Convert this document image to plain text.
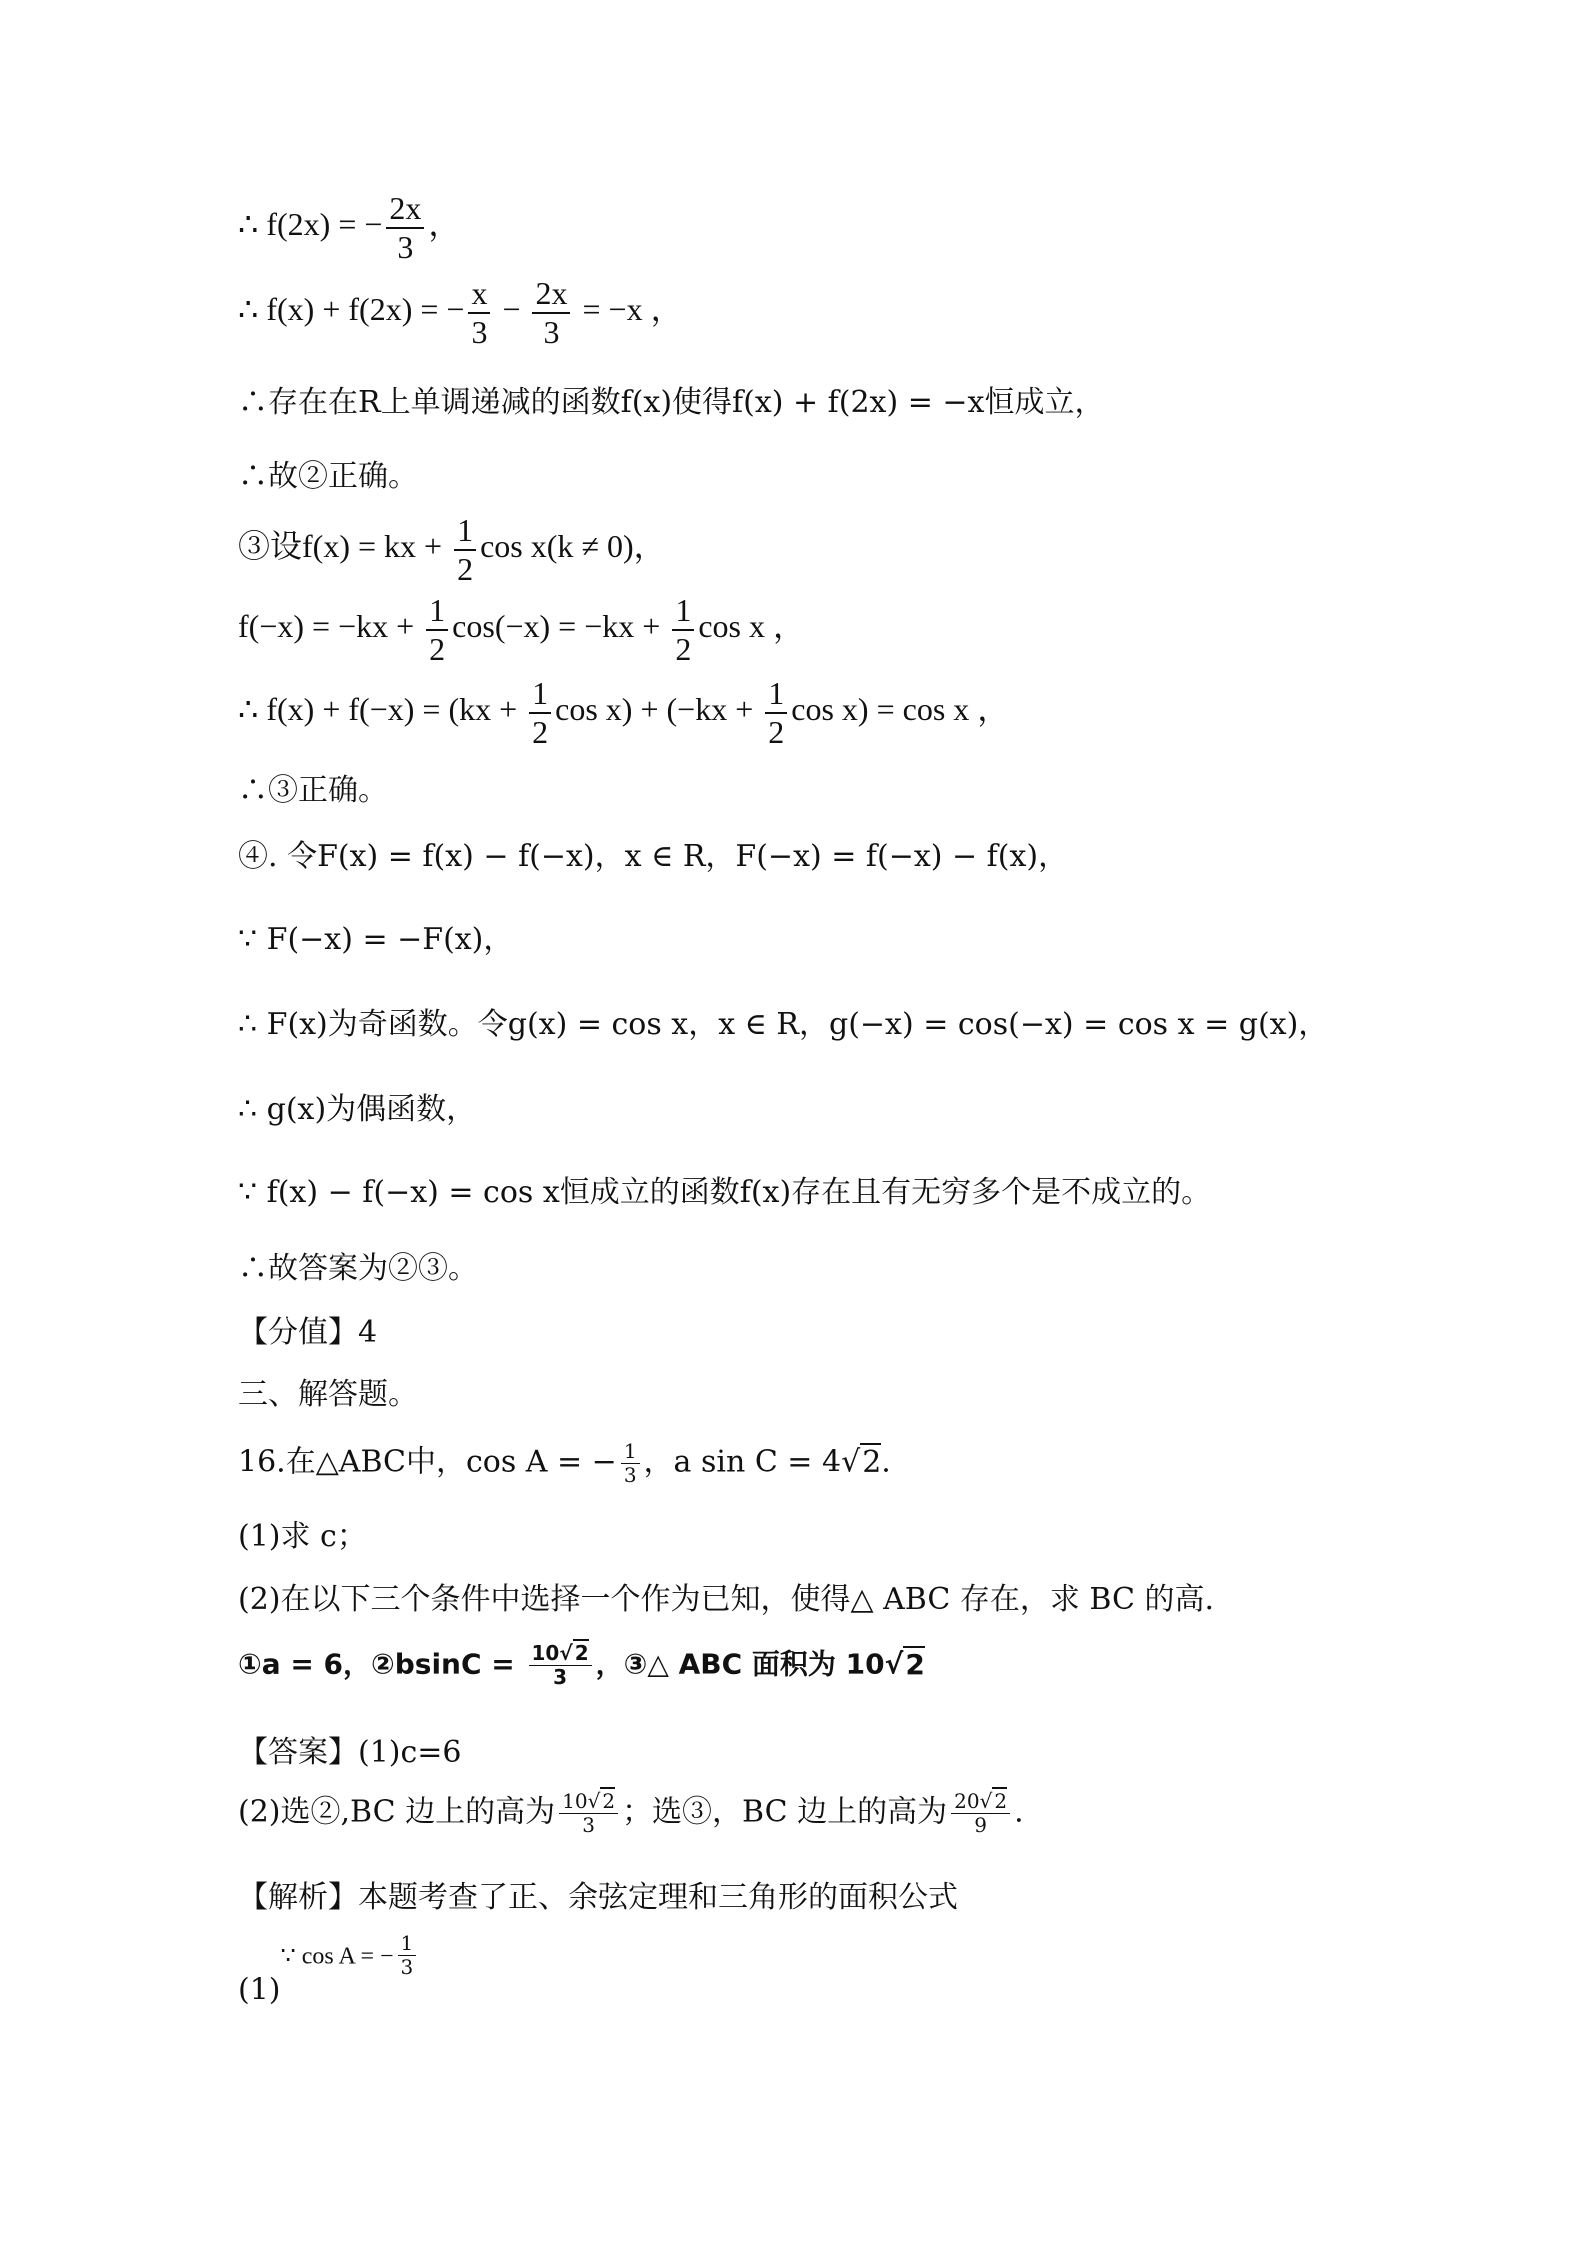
∴ f(2x) = − $\frac{2x}{3}$ ，
∴ f(x) + f(2x) = − $\frac{x}{3} - \frac{2x}{3} = -x$ ，
∴存在在R上单调递减的函数f(x)使得f(x) + f(2x) = −x恒成立，
∴故②正确。
③设f(x) = kx + $\frac{1}{2}$ cos x(k ≠ 0)，
$f(-x) = -kx + \frac{1}{2} \cos(-x) = -kx + \frac{1}{2}$ cos x ，
∴ $f(x) + f(-x) = (kx + \frac{1}{2}$ $\cos x) + (-kx + \frac{1}{2}$ cos x) = cos x ，
∴③正确。
④. 令F(x) = f(x) − f(−x)，x ∈ R，F(−x) = f(−x) − f(x)，
∵ F(−x) = −F(x)，
∴ F(x)为奇函数。令g(x) = cos x，x ∈ R，g(−x) = cos(−x) = cos x = g(x)，
∴ g(x)为偶函数，
∵ f(x) − f(−x) = cos x恒成立的函数f(x)存在且有无穷多个是不成立的。
∴故答案为②③。
【分值】4
三、解答题。
16.在△ABC中，cos A = − $\frac{1}{3}$ ，a sin C = 4√2.
(1)求 c；
(2)在以下三个条件中选择一个作为已知，使得△ ABC 存在，求 BC 的高.
①a = 6，②bsinC = $\frac{10√ 2}{3}$ ，③△ ABC 面积为 10√2
【答案】(1)c=6
(2)选②,BC 边上的高为 $\frac{10√ 2}{3}$ ；选③，BC 边上的高为 $\frac{20√ 2}{9}$ .
【解析】本题考查了正、余弦定理和三角形的面积公式
(1)∵ cos A = − $\frac{1}{3}$
